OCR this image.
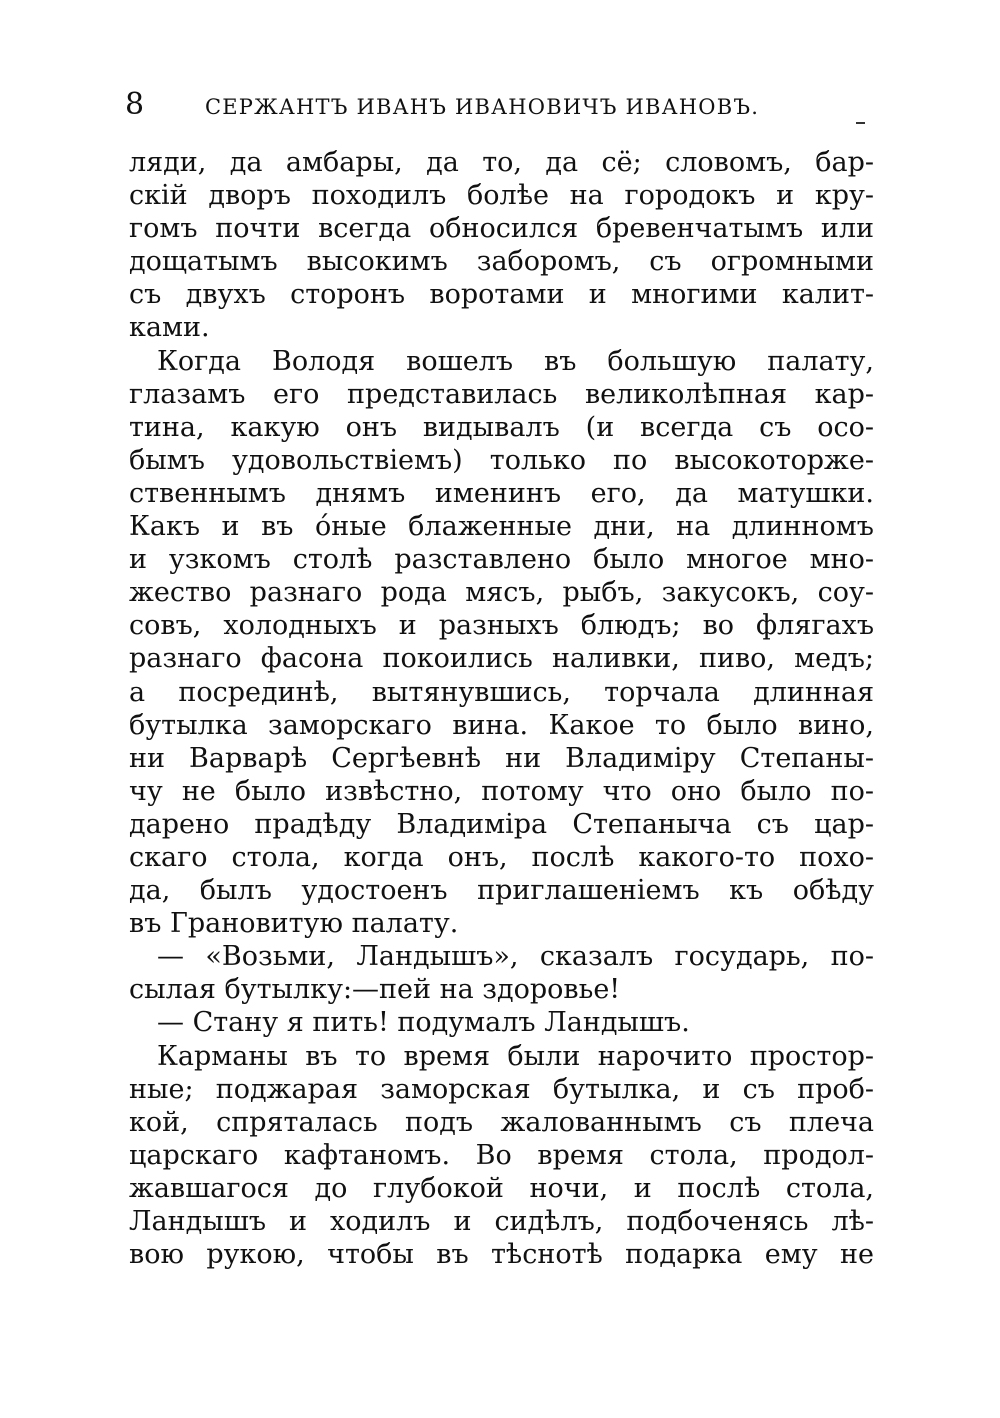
8	СЕРЖАНТЪ ИВАНЪ ИВАНОВИЧЪ ИВАНОВЪ.
ляди, да амбары, да то, да сё; словомъ, бар-
скій дворъ походилъ болѣе на городокъ и кру-
гомъ почти всегда обносился бревенчатымъ или
дощатымъ высокимъ заборомъ, съ огромными
съ двухъ сторонъ воротами и многими калит-
ками.
Когда Володя вошелъ въ большую палату,
глазамъ его представилась великолѣпная кар-
тина, какую онъ видывалъ (и всегда съ осо-
бымъ удовольствіемъ) только по высокоторже-
ственнымъ днямъ именинъ его, да матушки.
Какъ и въ óные блаженные дни, на длинномъ
и узкомъ столѣ разставлено было многое мно-
жество разнаго рода мясъ, рыбъ, закусокъ, соу-
совъ, холодныхъ и разныхъ блюдъ; во флягахъ
разнаго фасона покоились наливки, пиво, медъ;
а посрединѣ, вытянувшись, торчала длинная
бутылка заморскаго вина. Какое то было вино,
ни Варварѣ Сергѣевнѣ ни Владиміру Степаны-
чу не было извѣстно, потому что оно было по-
дарено прадѣду Владиміра Степаныча съ цар-
скаго стола, когда онъ, послѣ какого-то похо-
да, былъ удостоенъ приглашеніемъ къ обѣду
въ Грановитую палату.
— «Возьми, Ландышъ», сказалъ государь, по-
сылая бутылку:—пей на здоровье!
— Стану я пить! подумалъ Ландышъ.
Карманы въ то время были нарочито простор-
ные; поджарая заморская бутылка, и съ проб-
кой, спряталась подъ жалованнымъ съ плеча
царскаго кафтаномъ. Во время стола, продол-
жавшагося до глубокой ночи, и послѣ стола,
Ландышъ и ходилъ и сидѣлъ, подбоченясь лѣ-
вою рукою, чтобы въ тѣснотѣ подарка ему не
